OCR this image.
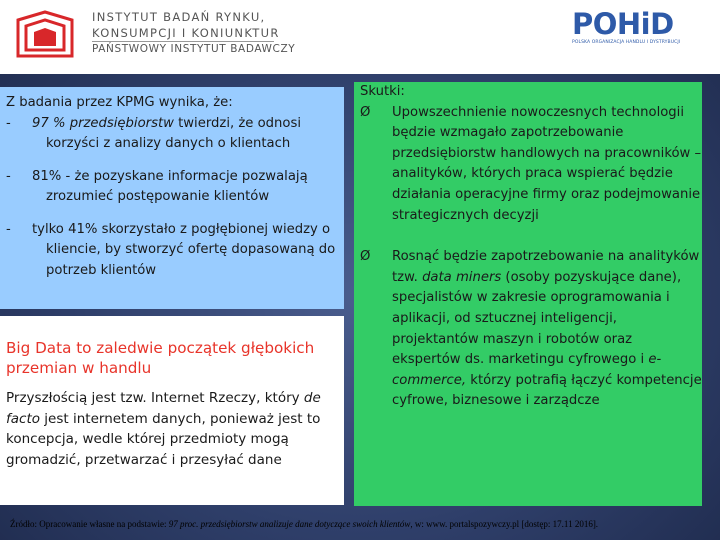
INSTYTUT BADAŃ RYNKU,
KONSUMPCJI I KONIUNKTUR
PAŃSTWOWY INSTYTUT BADAWCZY
POHiD
POLSKA ORGANIZACJA HANDLU I DYSTRYBUCJI

Z badania przez KPMG wynika, że:

- 97 % przedsiębiorstw twierdzi, że odnosi korzyści z analizy danych o klientach

- 81% - że pozyskane informacje pozwalają zrozumieć postępowanie klientów

- tylko 41% skorzystało z pogłębionej wiedzy o kliencie, by stworzyć ofertę dopasowaną do potrzeb klientów

Big Data to zaledwie początek głębokich przemian w handlu

Przyszłością jest tzw. Internet Rzeczy, który de facto jest internetem danych, ponieważ jest to koncepcja, wedle której przedmioty mogą gromadzić, przetwarzać i przesyłać dane

Skutki:

Ø Upowszechnienie nowoczesnych technologii będzie wzmagało zapotrzebowanie przedsiębiorstw handlowych na pracowników – analityków, których praca wspierać będzie działania operacyjne firmy oraz podejmowanie strategicznych decyzji

Ø Rosnąć będzie zapotrzebowanie na analityków tzw. data miners (osoby pozyskujące dane), specjalistów w zakresie oprogramowania i aplikacji, od sztucznej inteligencji, projektantów maszyn i robotów oraz ekspertów ds. marketingu cyfrowego i e-commerce, którzy potrafią łączyć kompetencje cyfrowe, biznesowe i zarządcze

Źródło: Opracowanie własne na podstawie: 97 proc. przedsiębiorstw analizuje dane dotyczące swoich klientów, w: www. portalspozywczy.pl [dostęp: 17.11 2016].
